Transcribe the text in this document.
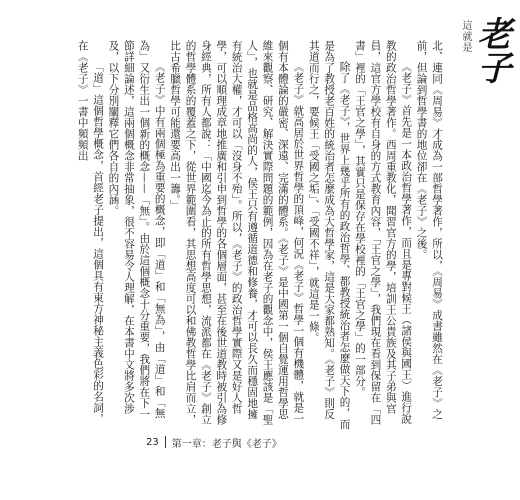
這就是 老子

北、連同《周易》才成為一部哲學著作，所以，《周易》成書雖然在《老子》之前，但論到哲學書的地位卻在《老子》之後。

《老子》首先是一本政治哲學著作，而且是專對候王（諸侯與國王）進行說教的政治哲學著作。西周重教化，聞習官方的學，培訓王公貴族及其子弟與官員，這官方學校有自身的方式教育內容，「王官之學」，我們現在看到保留在「四書」裡的「王官之學」，其實只是保存在學校裡的「王官之學」的一部分。

除了《老子》，世界上幾乎所有的政治哲學、都教授統治者怎麼做天下的，而是為了教授老百姓的統治者怎麼成為大哲學家，這是大家都熟知。《老子》則反其道而行之，要候王「受國之垢」、「受國不祥」，就這是一條。

《老子》就高居於世界哲學的頂峰，何況《老子》哲學一個有機體，就是一個有本體論的嚴密、深遠、完滿的體系。《老子》是中國第一個自覺運用哲學思維來觀察、研究、解決實際問題的範例，因為在老子的觀念中，侯王應該是「聖人」，也就是品格高尚的人，侯王只有遵循道德和修養，才可以長久而穩固地擁有統治大權，才可以「沒身不殆」。所以，《老子》的政治哲學實際又是好人哲學，可以順理成章地推廣和引申到哲學的各個層面，甚至在後世道教時被引為修身經典，所有人都說：「中國迄今為止的所有哲學思想，流派都在《老子》創立的哲學體系的覆蓋之下，從世界範圍看，其思想高度可以和佛教哲學比肩而立，比古希臘哲學可能還要高出一籌。」

《老子》中有兩個極為重要的概念，即「道」和「無為」，由「道」和「無為」又衍生出一個新的概念——「無」。由於這個概念十分重要，我們將在下一節詳細論述，這兩個概念非常抽象，很不容易令人理解，在本書中文將多次涉及，以下分別闡釋它們各自的內涵。

「道」這個哲學概念，首經老子提出，這個具有東方神秘主義色彩的名詞，在《老子》一書中頻頻出

23 第一章：老子與《老子》
